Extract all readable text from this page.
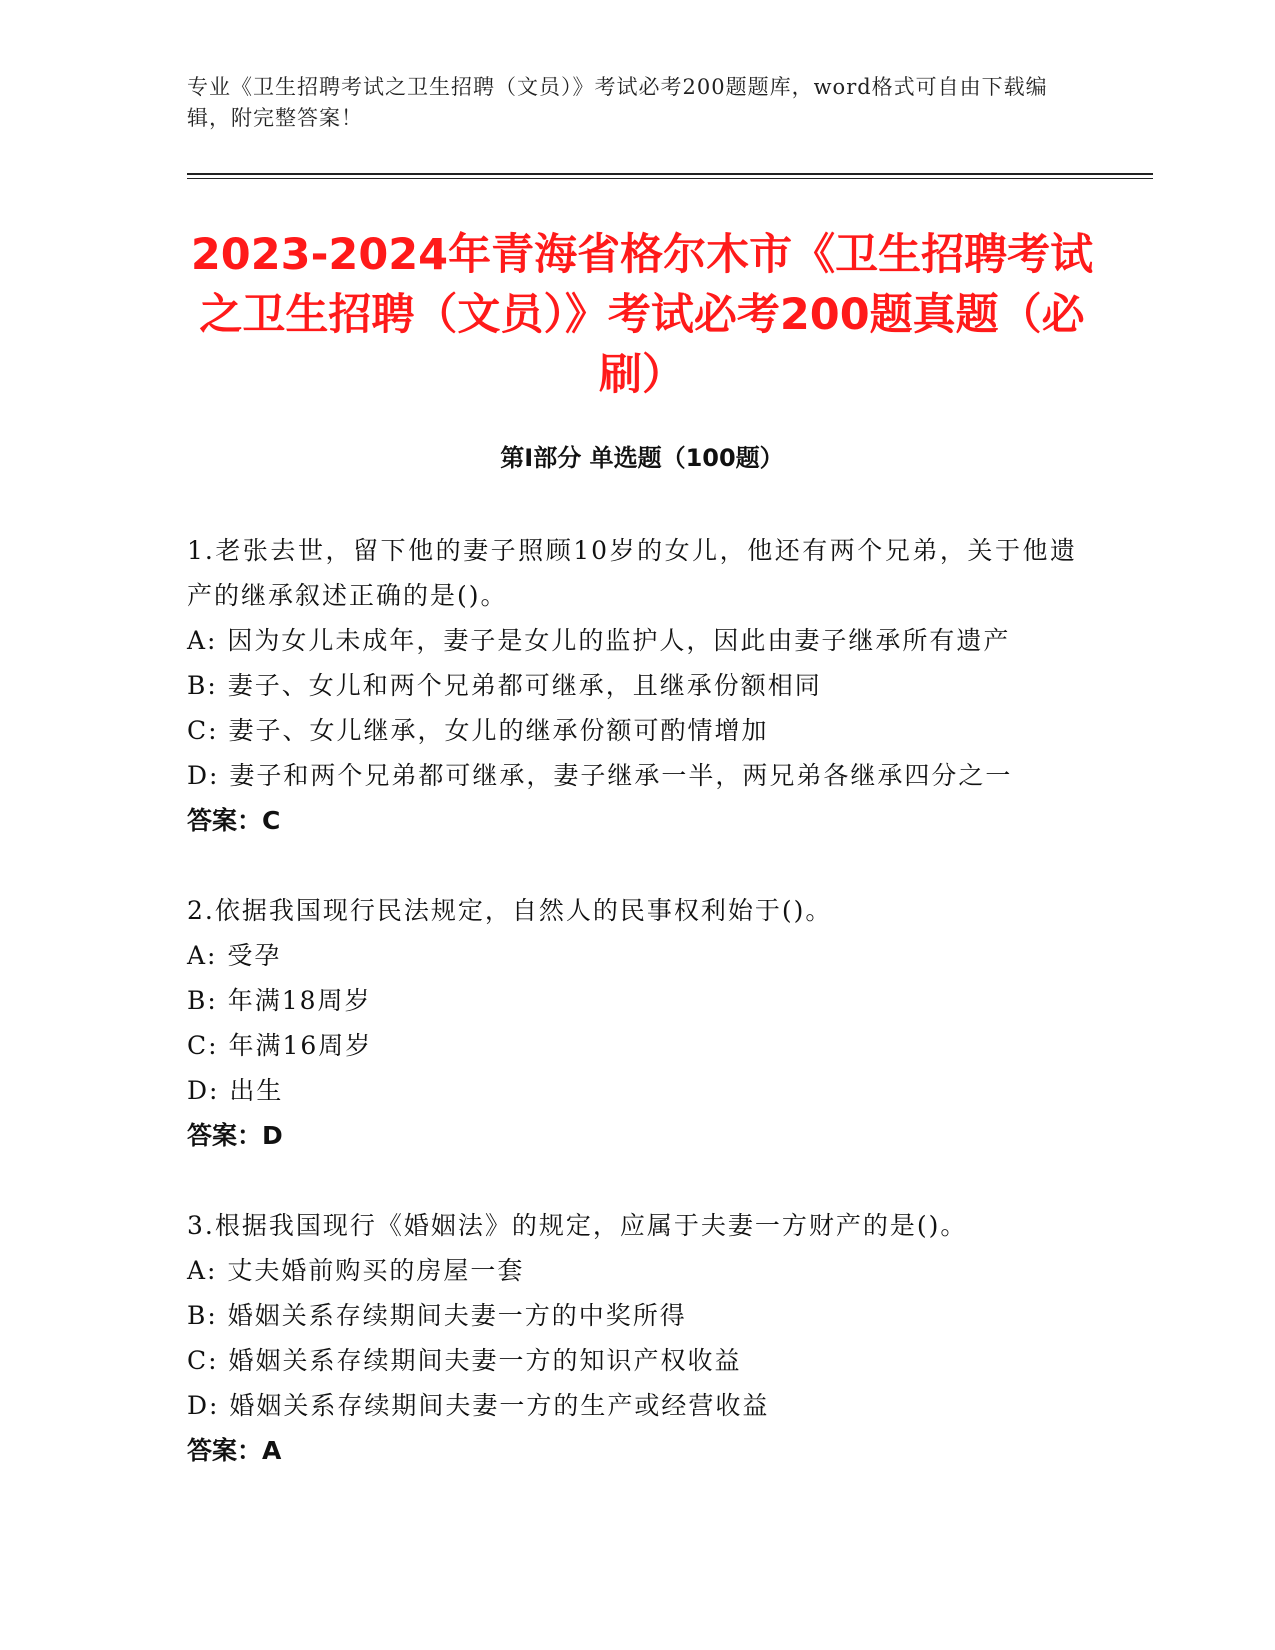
专业《卫生招聘考试之卫生招聘（文员）》考试必考200题题库，word格式可自由下载编辑，附完整答案！
2023-2024年青海省格尔木市《卫生招聘考试之卫生招聘（文员）》考试必考200题真题（必刷）
第I部分 单选题（100题）
1.老张去世，留下他的妻子照顾10岁的女儿，他还有两个兄弟，关于他遗产的继承叙述正确的是()。
A: 因为女儿未成年，妻子是女儿的监护人，因此由妻子继承所有遗产
B: 妻子、女儿和两个兄弟都可继承，且继承份额相同
C: 妻子、女儿继承，女儿的继承份额可酌情增加
D: 妻子和两个兄弟都可继承，妻子继承一半，两兄弟各继承四分之一
答案：C
2.依据我国现行民法规定，自然人的民事权利始于()。
A: 受孕
B: 年满18周岁
C: 年满16周岁
D: 出生
答案：D
3.根据我国现行《婚姻法》的规定，应属于夫妻一方财产的是()。
A: 丈夫婚前购买的房屋一套
B: 婚姻关系存续期间夫妻一方的中奖所得
C: 婚姻关系存续期间夫妻一方的知识产权收益
D: 婚姻关系存续期间夫妻一方的生产或经营收益
答案：A
